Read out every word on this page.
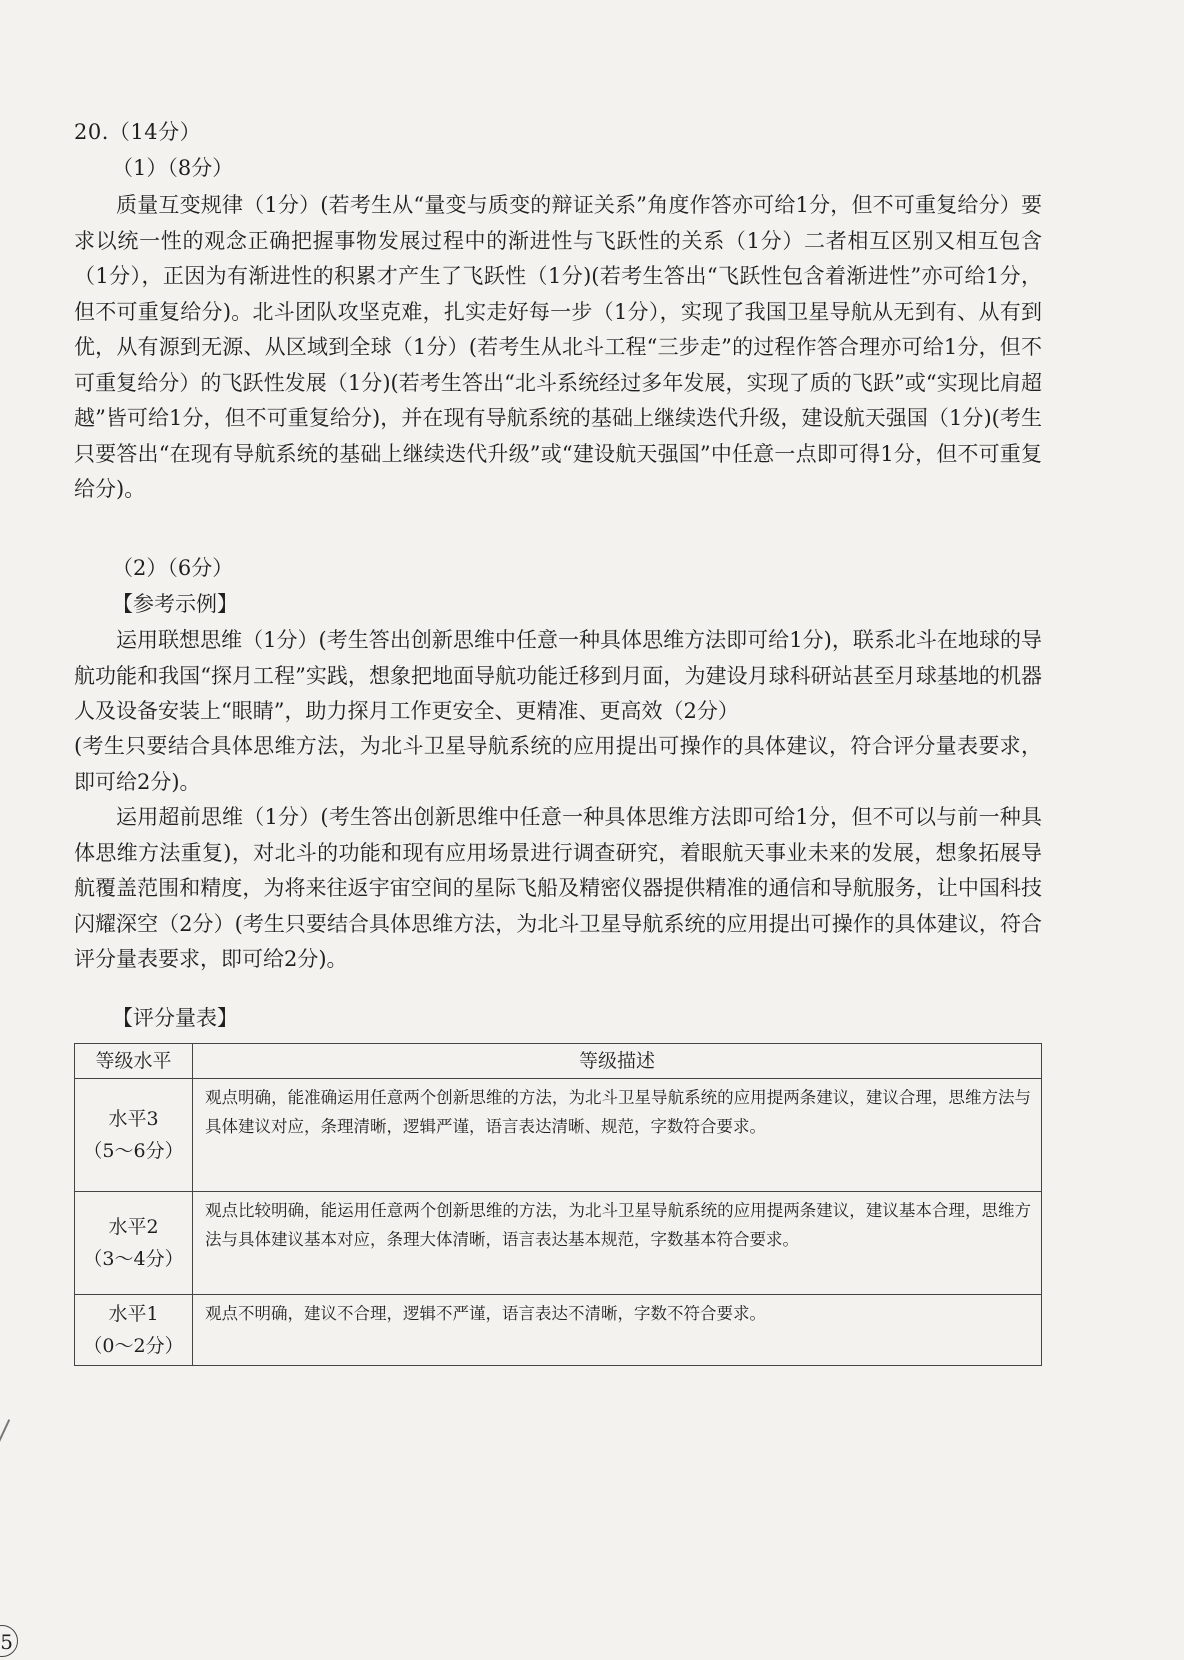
20.（14分）
（1）（8分）
质量互变规律（1分）(若考生从“量变与质变的辩证关系”角度作答亦可给1分，但不可重复给分）要求以统一性的观念正确把握事物发展过程中的渐进性与飞跃性的关系（1分）二者相互区别又相互包含（1分），正因为有渐进性的积累才产生了飞跃性（1分)(若考生答出“飞跃性包含着渐进性”亦可给1分，但不可重复给分)。北斗团队攻坚克难，扎实走好每一步（1分），实现了我国卫星导航从无到有、从有到优，从有源到无源、从区域到全球（1分）(若考生从北斗工程“三步走”的过程作答合理亦可给1分，但不可重复给分）的飞跃性发展（1分)(若考生答出“北斗系统经过多年发展，实现了质的飞跃”或“实现比肩超越”皆可给1分，但不可重复给分)，并在现有导航系统的基础上继续迭代升级，建设航天强国（1分)(考生只要答出“在现有导航系统的基础上继续迭代升级”或“建设航天强国”中任意一点即可得1分，但不可重复给分)。
（2）（6分）
【参考示例】
运用联想思维（1分）(考生答出创新思维中任意一种具体思维方法即可给1分)，联系北斗在地球的导航功能和我国“探月工程”实践，想象把地面导航功能迁移到月面，为建设月球科研站甚至月球基地的机器人及设备安装上“眼睛”，助力探月工作更安全、更精准、更高效（2分）
(考生只要结合具体思维方法，为北斗卫星导航系统的应用提出可操作的具体建议，符合评分量表要求，即可给2分)。
运用超前思维（1分）(考生答出创新思维中任意一种具体思维方法即可给1分，但不可以与前一种具体思维方法重复)，对北斗的功能和现有应用场景进行调查研究，着眼航天事业未来的发展，想象拓展导航覆盖范围和精度，为将来往返宇宙空间的星际飞船及精密仪器提供精准的通信和导航服务，让中国科技闪耀深空（2分）(考生只要结合具体思维方法，为北斗卫星导航系统的应用提出可操作的具体建议，符合评分量表要求，即可给2分)。
【评分量表】
等级水平	等级描述

水平3
（5～6分）	观点明确，能准确运用任意两个创新思维的方法，为北斗卫星导航系统的应用提两条建议，建议合理，思维方法与具体建议对应，条理清晰，逻辑严谨，语言表达清晰、规范，字数符合要求。

水平2
（3～4分）	观点比较明确，能运用任意两个创新思维的方法，为北斗卫星导航系统的应用提两条建议，建议基本合理，思维方法与具体建议基本对应，条理大体清晰，语言表达基本规范，字数基本符合要求。

水平1
（0～2分）	观点不明确，建议不合理，逻辑不严谨，语言表达不清晰，字数不符合要求。
5
